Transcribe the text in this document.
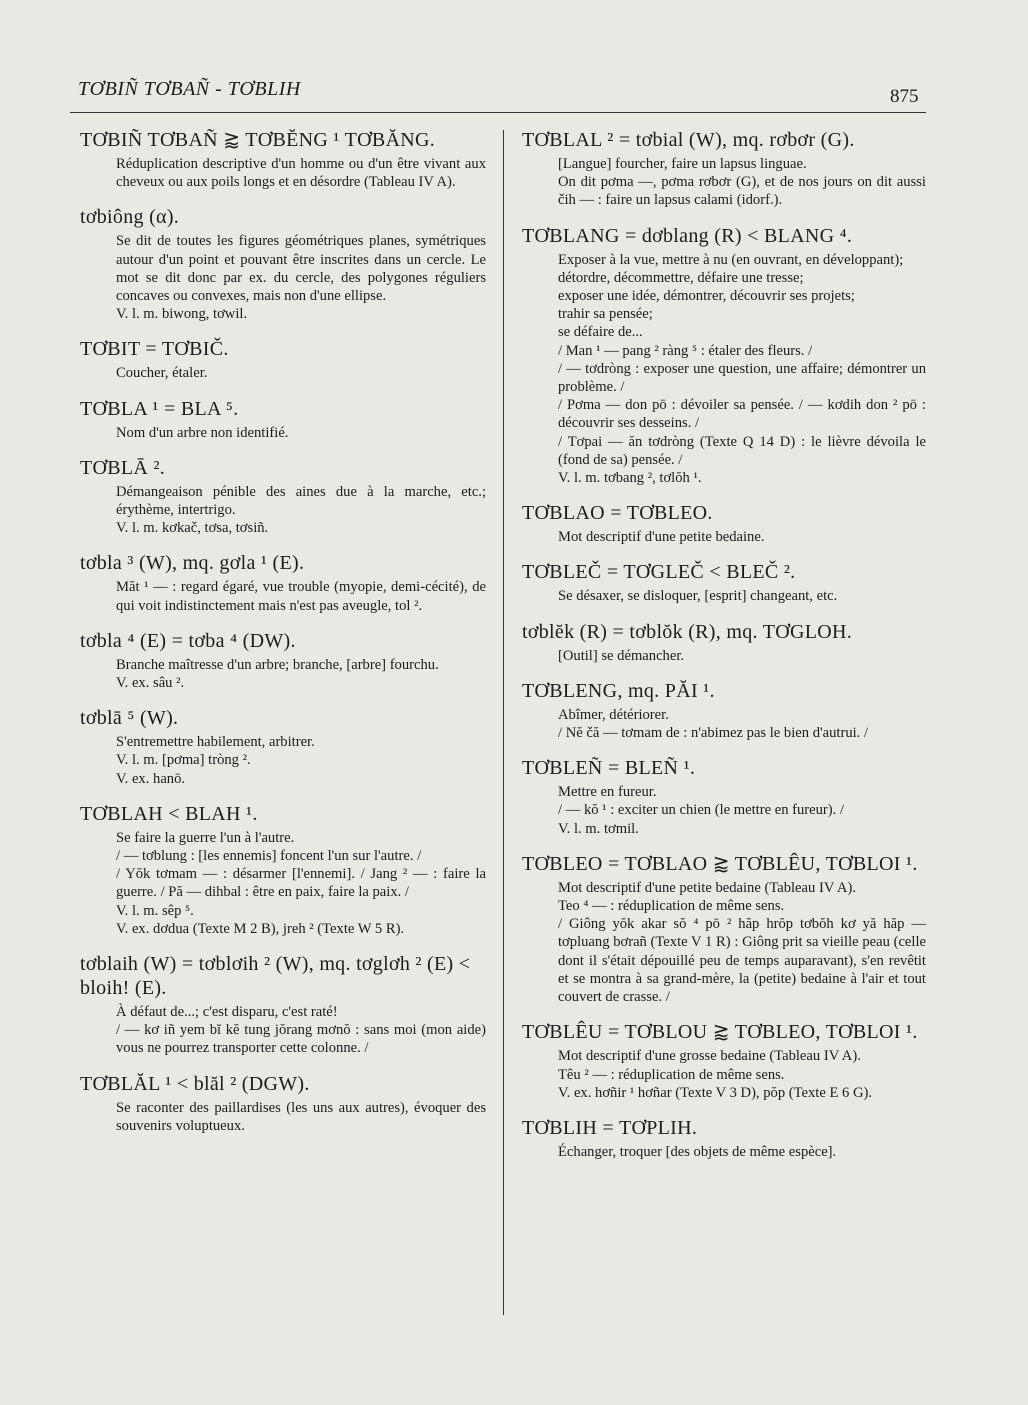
TƠBIÑ TƠBAÑ - TƠBLIH	875
TƠBIÑ TƠBAÑ ⪆ TƠBĔNG ¹ TƠBĂNG.
Réduplication descriptive d'un homme ou d'un être vivant aux cheveux ou aux poils longs et en désordre (Tableau IV A).
tơbiông (α).
Se dit de toutes les figures géométriques planes, symétriques autour d'un point et pouvant être inscrites dans un cercle. Le mot se dit donc par ex. du cercle, des polygones réguliers concaves ou convexes, mais non d'une ellipse.
V. l. m. biwong, tơwil.
TƠBIT = TƠBIČ.
Coucher, étaler.
TƠBLA ¹ = BLA ⁵.
Nom d'un arbre non identifié.
TƠBLĀ ².
Démangeaison pénible des aines due à la marche, etc.; érythème, intertrigo.
V. l. m. kơkač, tơsa, tơsiñ.
tơbla ³ (W), mq. gơla ¹ (E).
Măt ¹ — : regard égaré, vue trouble (myopie, demi-cécité), de qui voit indistinctement mais n'est pas aveugle, tol ².
tơbla ⁴ (E) = tơba ⁴ (DW).
Branche maîtresse d'un arbre; branche, [arbre] fourchu.
V. ex. sâu ².
tơblā ⁵ (W).
S'entremettre habilement, arbitrer.
V. l. m. [pơma] tròng ².
V. ex. hanō.
TƠBLAH < BLAH ¹.
Se faire la guerre l'un à l'autre.
/ — tơblung : [les ennemis] foncent l'un sur l'autre. /
/ Yŏk tơmam — : désarmer [l'ennemi]. / Jang ² — : faire la guerre. / Pă — dihbal : être en paix, faire la paix. /
V. l. m. sêp ⁵.
V. ex. dơdua (Texte M 2 B), jreh ² (Texte W 5 R).
tơblaih (W) = tơblơih ² (W), mq. tơglơh ² (E) < bloih! (E).
À défaut de...; c'est disparu, c'est raté!
/ — kơ iñ yem bĭ kĕ tung jŏrang mơnŏ : sans moi (mon aide) vous ne pourrez transporter cette colonne. /
TƠBLĂL ¹ < blăl ² (DGW).
Se raconter des paillardises (les uns aux autres), évoquer des souvenirs voluptueux.
TƠBLAL ² = tơbial (W), mq. rơbơr (G).
[Langue] fourcher, faire un lapsus linguae.
On dit pơma —, pơma rơbơr (G), et de nos jours on dit aussi čih — : faire un lapsus calami (idorf.).
TƠBLANG = dơblang (R) < BLANG ⁴.
Exposer à la vue, mettre à nu (en ouvrant, en développant);
détordre, décommettre, défaire une tresse;
exposer une idée, démontrer, découvrir ses projets;
trahir sa pensée;
se défaire de...
/ Man ¹ — pang ² ràng ⁵ : étaler des fleurs. /
/ — tơdròng : exposer une question, une affaire; démontrer un problème. /
/ Pơma — don pō : dévoiler sa pensée. / — kơdih don ² pō : découvrir ses desseins. /
/ Tơpai — ăn tơdròng (Texte Q 14 D) : le lièvre dévoila le (fond de sa) pensée. /
V. l. m. tơbang ², tơlŏh ¹.
TƠBLAO = TƠBLEO.
Mot descriptif d'une petite bedaine.
TƠBLEČ = TƠGLEČ < BLEČ ².
Se désaxer, se disloquer, [esprit] changeant, etc.
tơblĕk (R) = tơblŏk (R), mq. TƠGLOH.
[Outil] se démancher.
TƠBLENG, mq. PĂI ¹.
Abîmer, détériorer.
/ Nĕ čă — tơmam de : n'abimez pas le bien d'autrui. /
TƠBLEÑ = BLEÑ ¹.
Mettre en fureur.
/ — kŏ ¹ : exciter un chien (le mettre en fureur). /
V. l. m. tơmil.
TƠBLEO = TƠBLAO ⪆ TƠBLÊU, TƠBLOI ¹.
Mot descriptif d'une petite bedaine (Tableau IV A).
Teo ⁴ — : réduplication de même sens.
/ Giông yŏk akar sŏ ⁴ pō ² hăp hrŏp tơbŏh kơ yă hăp — tơpluang bơrañ (Texte V 1 R) : Giông prit sa vieille peau (celle dont il s'était dépouillé peu de temps auparavant), s'en revêtit et se montra à sa grand-mère, la (petite) bedaine à l'air et tout couvert de crasse. /
TƠBLÊU = TƠBLOU ⪆ TƠBLEO, TƠBLOI ¹.
Mot descriptif d'une grosse bedaine (Tableau IV A).
Têu ² — : réduplication de même sens.
V. ex. hơñir ¹ hơñar (Texte V 3 D), pŏp (Texte E 6 G).
TƠBLIH = TƠPLIH.
Échanger, troquer [des objets de même espèce].
